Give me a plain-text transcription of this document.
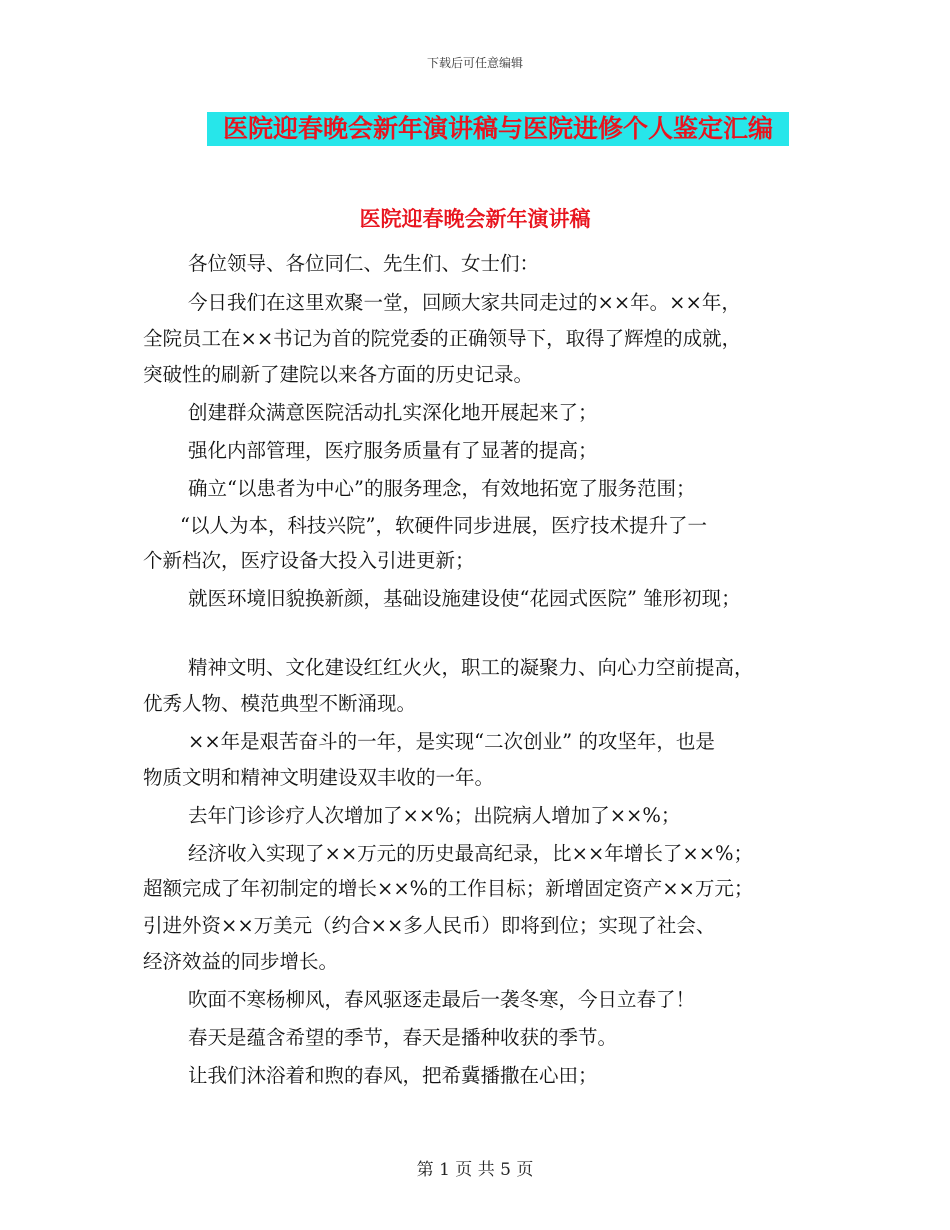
下载后可任意编辑
医院迎春晚会新年演讲稿与医院进修个人鉴定汇编
医院迎春晚会新年演讲稿
各位领导、各位同仁、先生们、女士们：
今日我们在这里欢聚一堂，回顾大家共同走过的××年。××年，
全院员工在××书记为首的院党委的正确领导下，取得了辉煌的成就，
突破性的刷新了建院以来各方面的历史记录。
创建群众满意医院活动扎实深化地开展起来了；
强化内部管理，医疗服务质量有了显著的提高；
确立“以患者为中心”的服务理念，有效地拓宽了服务范围；
“以人为本，科技兴院”，软硬件同步进展，医疗技术提升了一
个新档次，医疗设备大投入引进更新；
就医环境旧貌换新颜，基础设施建设使“花园式医院” 雏形初现；
精神文明、文化建设红红火火，职工的凝聚力、向心力空前提高，
优秀人物、模范典型不断涌现。
××年是艰苦奋斗的一年，是实现“二次创业” 的攻坚年，也是
物质文明和精神文明建设双丰收的一年。
去年门诊诊疗人次增加了××%；出院病人增加了××%；
经济收入实现了××万元的历史最高纪录，比××年增长了××%；
超额完成了年初制定的增长××%的工作目标；新增固定资产××万元；
引进外资××万美元（约合××多人民币）即将到位；实现了社会、
经济效益的同步增长。
吹面不寒杨柳风，春风驱逐走最后一袭冬寒，今日立春了！
春天是蕴含希望的季节，春天是播种收获的季节。
让我们沐浴着和煦的春风，把希冀播撒在心田；
第 1 页 共 5 页
